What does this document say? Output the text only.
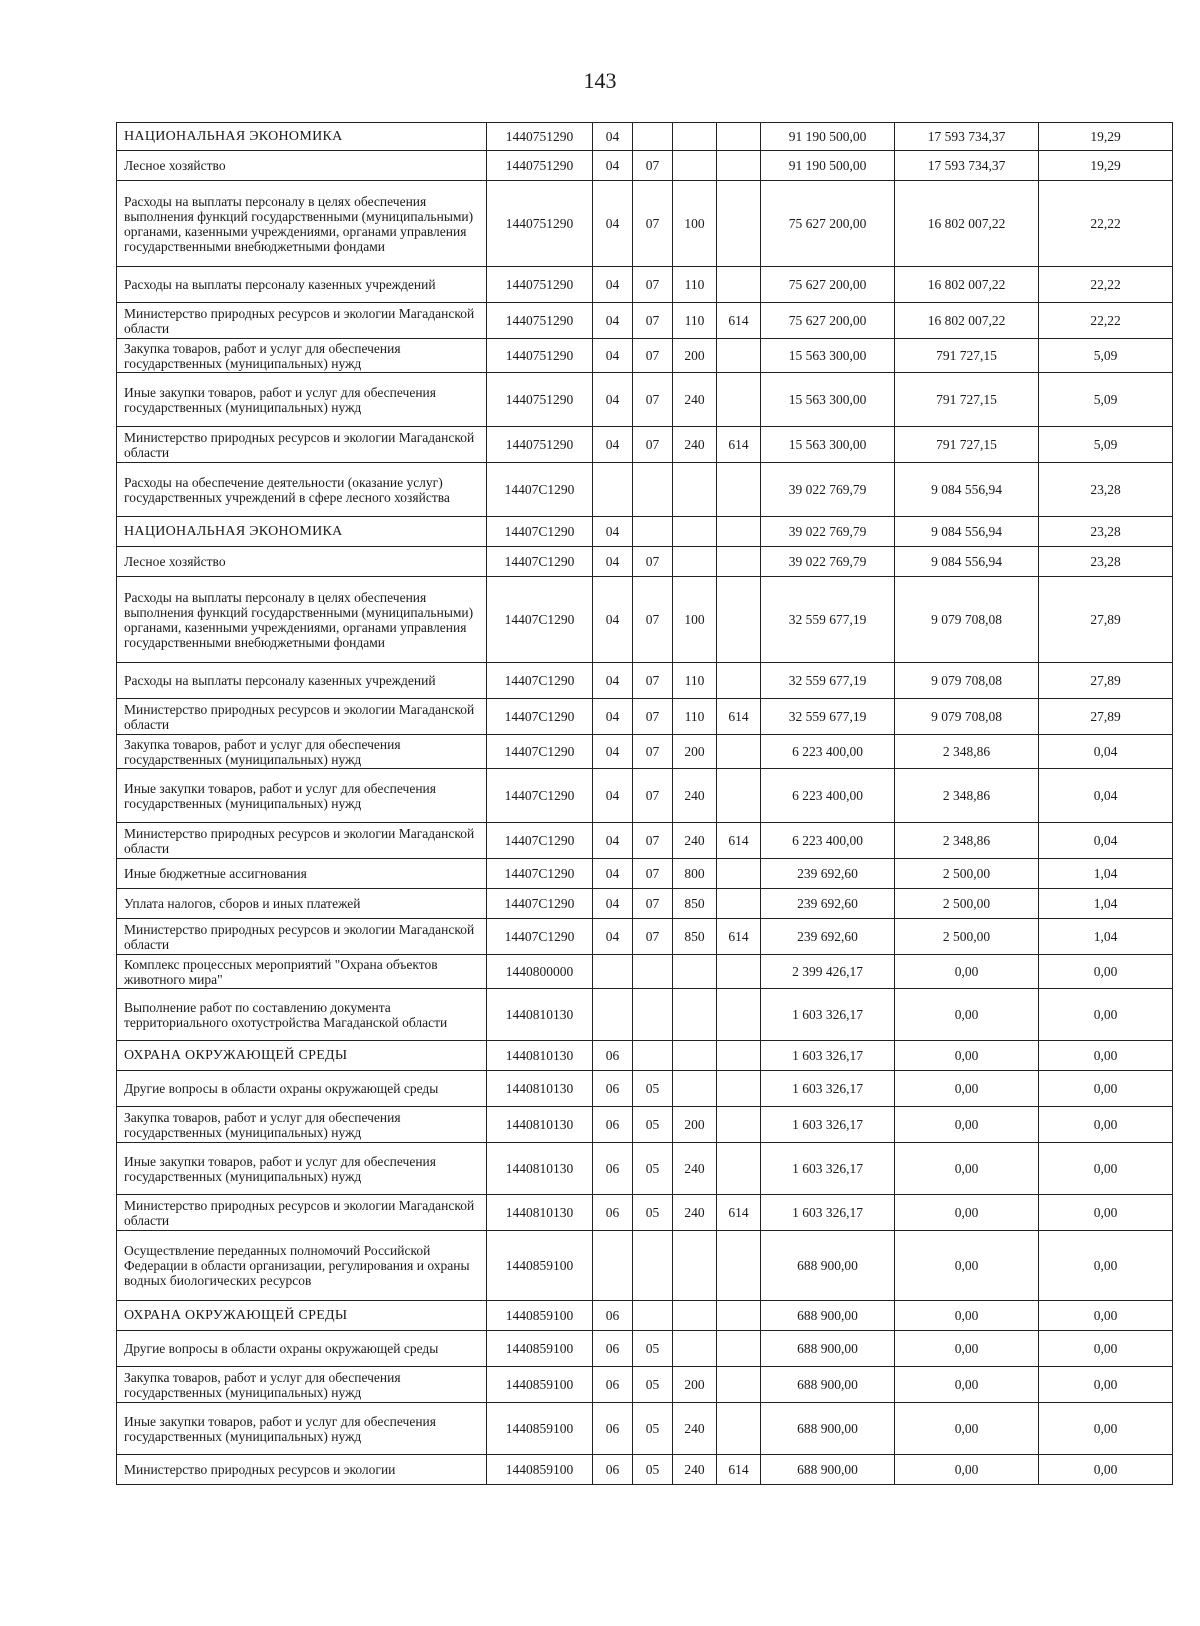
143
НАЦИОНАЛЬНАЯ ЭКОНОМИКА	1440751290	04				91 190 500,00	17 593 734,37	19,29
Лесное хозяйство	1440751290	04	07			91 190 500,00	17 593 734,37	19,29
Расходы на выплаты персоналу в целях обеспечения выполнения функций государственными (муниципальными) органами, казенными учреждениями, органами управления государственными внебюджетными фондами	1440751290	04	07	100		75 627 200,00	16 802 007,22	22,22
Расходы на выплаты персоналу казенных учреждений	1440751290	04	07	110		75 627 200,00	16 802 007,22	22,22
Министерство природных ресурсов и экологии Магаданской области	1440751290	04	07	110	614	75 627 200,00	16 802 007,22	22,22
Закупка товаров, работ и услуг для обеспечения государственных (муниципальных) нужд	1440751290	04	07	200		15 563 300,00	791 727,15	5,09
Иные закупки товаров, работ и услуг для обеспечения государственных (муниципальных) нужд	1440751290	04	07	240		15 563 300,00	791 727,15	5,09
Министерство природных ресурсов и экологии Магаданской области	1440751290	04	07	240	614	15 563 300,00	791 727,15	5,09
Расходы на обеспечение деятельности (оказание услуг) государственных учреждений в сфере лесного хозяйства	14407С1290					39 022 769,79	9 084 556,94	23,28
НАЦИОНАЛЬНАЯ ЭКОНОМИКА	14407С1290	04				39 022 769,79	9 084 556,94	23,28
Лесное хозяйство	14407С1290	04	07			39 022 769,79	9 084 556,94	23,28
Расходы на выплаты персоналу в целях обеспечения выполнения функций государственными (муниципальными) органами, казенными учреждениями, органами управления государственными внебюджетными фондами	14407С1290	04	07	100		32 559 677,19	9 079 708,08	27,89
Расходы на выплаты персоналу казенных учреждений	14407С1290	04	07	110		32 559 677,19	9 079 708,08	27,89
Министерство природных ресурсов и экологии Магаданской области	14407С1290	04	07	110	614	32 559 677,19	9 079 708,08	27,89
Закупка товаров, работ и услуг для обеспечения государственных (муниципальных) нужд	14407С1290	04	07	200		6 223 400,00	2 348,86	0,04
Иные закупки товаров, работ и услуг для обеспечения государственных (муниципальных) нужд	14407С1290	04	07	240		6 223 400,00	2 348,86	0,04
Министерство природных ресурсов и экологии Магаданской области	14407С1290	04	07	240	614	6 223 400,00	2 348,86	0,04
Иные бюджетные ассигнования	14407С1290	04	07	800		239 692,60	2 500,00	1,04
Уплата налогов, сборов и иных платежей	14407С1290	04	07	850		239 692,60	2 500,00	1,04
Министерство природных ресурсов и экологии Магаданской области	14407С1290	04	07	850	614	239 692,60	2 500,00	1,04
Комплекс процессных мероприятий "Охрана объектов животного мира"	1440800000					2 399 426,17	0,00	0,00
Выполнение работ по составлению документа территориального охотустройства Магаданской области	1440810130					1 603 326,17	0,00	0,00
ОХРАНА ОКРУЖАЮЩЕЙ СРЕДЫ	1440810130	06				1 603 326,17	0,00	0,00
Другие вопросы в области охраны окружающей среды	1440810130	06	05			1 603 326,17	0,00	0,00
Закупка товаров, работ и услуг для обеспечения государственных (муниципальных) нужд	1440810130	06	05	200		1 603 326,17	0,00	0,00
Иные закупки товаров, работ и услуг для обеспечения государственных (муниципальных) нужд	1440810130	06	05	240		1 603 326,17	0,00	0,00
Министерство природных ресурсов и экологии Магаданской области	1440810130	06	05	240	614	1 603 326,17	0,00	0,00
Осуществление переданных полномочий Российской Федерации в области организации, регулирования и охраны водных биологических ресурсов	1440859100					688 900,00	0,00	0,00
ОХРАНА ОКРУЖАЮЩЕЙ СРЕДЫ	1440859100	06				688 900,00	0,00	0,00
Другие вопросы в области охраны окружающей среды	1440859100	06	05			688 900,00	0,00	0,00
Закупка товаров, работ и услуг для обеспечения государственных (муниципальных) нужд	1440859100	06	05	200		688 900,00	0,00	0,00
Иные закупки товаров, работ и услуг для обеспечения государственных (муниципальных) нужд	1440859100	06	05	240		688 900,00	0,00	0,00
Министерство природных ресурсов и экологии	1440859100	06	05	240	614	688 900,00	0,00	0,00
